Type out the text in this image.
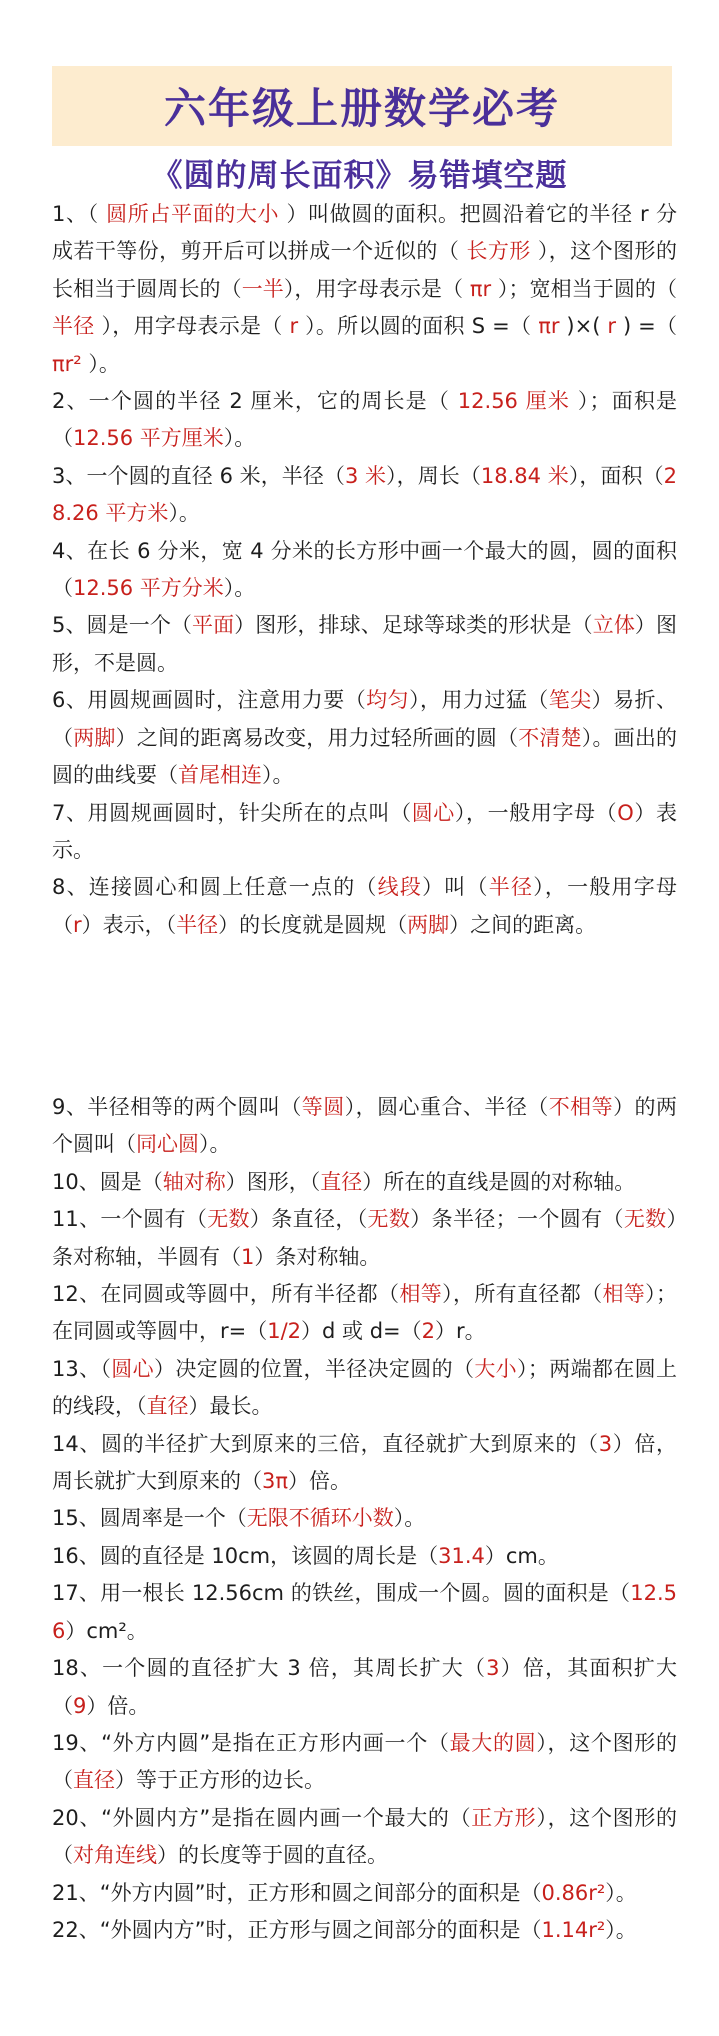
六年级上册数学必考
《圆的周长面积》易错填空题

1、（ 圆所占平面的大小 ）叫做圆的面积。把圆沿着它的半径 r 分成若干等份，剪开后可以拼成一个近似的（ 长方形 ），这个图形的长相当于圆周长的（一半），用字母表示是（ πr ）；宽相当于圆的（ 半径 ），用字母表示是（ r ）。所以圆的面积 S =（ πr )×( r ) =（ πr² ）。

2、一个圆的半径 2 厘米，它的周长是（ 12.56 厘米 ）；面积是（12.56 平方厘米）。

3、一个圆的直径 6 米，半径（3 米），周长（18.84 米），面积（28.26 平方米）。

4、在长 6 分米，宽 4 分米的长方形中画一个最大的圆，圆的面积（12.56 平方分米）。

5、圆是一个（平面）图形，排球、足球等球类的形状是（立体）图形，不是圆。

6、用圆规画圆时，注意用力要（均匀），用力过猛（笔尖）易折、（两脚）之间的距离易改变，用力过轻所画的圆（不清楚）。画出的圆的曲线要（首尾相连）。

7、用圆规画圆时，针尖所在的点叫（圆心），一般用字母（O）表示。

8、连接圆心和圆上任意一点的（线段）叫（半径），一般用字母（r）表示，（半径）的长度就是圆规（两脚）之间的距离。

9、半径相等的两个圆叫（等圆），圆心重合、半径（不相等）的两个圆叫（同心圆）。

10、圆是（轴对称）图形，（直径）所在的直线是圆的对称轴。

11、一个圆有（无数）条直径，（无数）条半径；一个圆有（无数）条对称轴，半圆有（1）条对称轴。

12、在同圆或等圆中，所有半径都（相等），所有直径都（相等）；在同圆或等圆中，r=（1/2）d 或 d=（2）r。

13、（圆心）决定圆的位置，半径决定圆的（大小）；两端都在圆上的线段，（直径）最长。

14、圆的半径扩大到原来的三倍，直径就扩大到原来的（3）倍，周长就扩大到原来的（3π）倍。

15、圆周率是一个（无限不循环小数）。

16、圆的直径是 10cm，该圆的周长是（31.4）cm。

17、用一根长 12.56cm 的铁丝，围成一个圆。圆的面积是（12.56）cm²。

18、一个圆的直径扩大 3 倍，其周长扩大（3）倍，其面积扩大（9）倍。

19、“外方内圆”是指在正方形内画一个（最大的圆），这个图形的（直径）等于正方形的边长。

20、“外圆内方”是指在圆内画一个最大的（正方形），这个图形的（对角连线）的长度等于圆的直径。

21、“外方内圆”时，正方形和圆之间部分的面积是（0.86r²）。

22、“外圆内方”时，正方形与圆之间部分的面积是（1.14r²）。
